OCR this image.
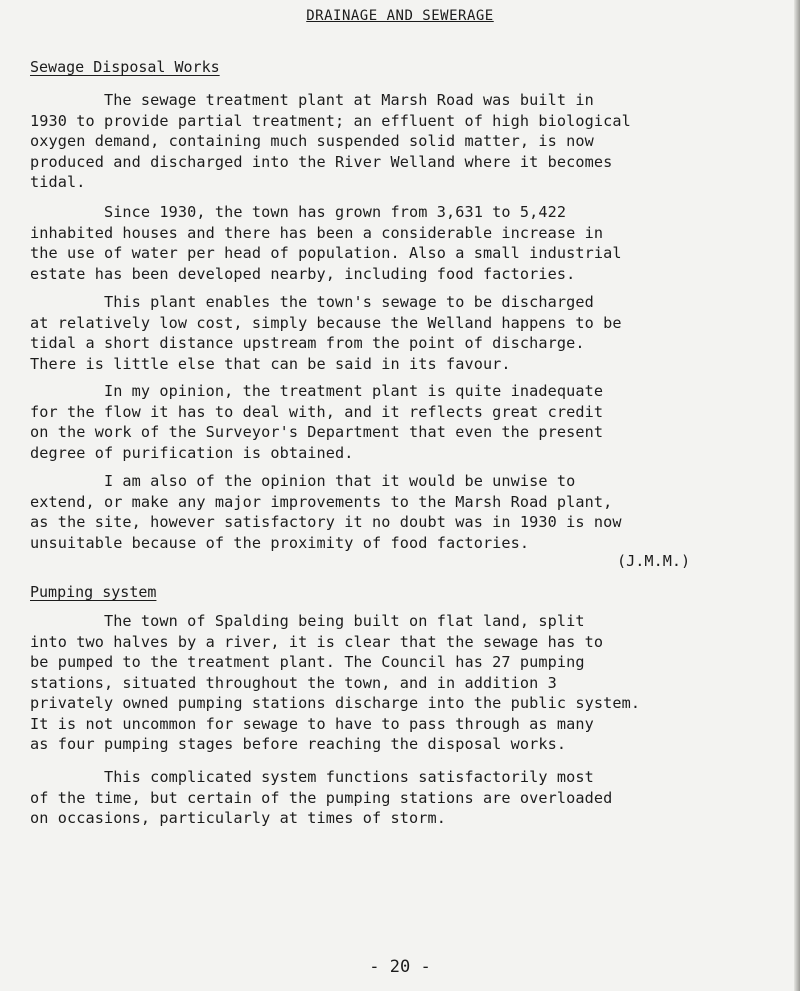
DRAINAGE AND SEWERAGE
Sewage Disposal Works

The sewage treatment plant at Marsh Road was built in
1930 to provide partial treatment; an effluent of high biological
oxygen demand, containing much suspended solid matter, is now
produced and discharged into the River Welland where it becomes
tidal.

Since 1930, the town has grown from 3,631 to 5,422
inhabited houses and there has been a considerable increase in
the use of water per head of population. Also a small industrial
estate has been developed nearby, including food factories.

This plant enables the town's sewage to be discharged
at relatively low cost, simply because the Welland happens to be
tidal a short distance upstream from the point of discharge.
There is little else that can be said in its favour.

In my opinion, the treatment plant is quite inadequate
for the flow it has to deal with, and it reflects great credit
on the work of the Surveyor's Department that even the present
degree of purification is obtained.

I am also of the opinion that it would be unwise to
extend, or make any major improvements to the Marsh Road plant,
as the site, however satisfactory it no doubt was in 1930 is now
unsuitable because of the proximity of food factories.

(J.M.M.)
Pumping system

The town of Spalding being built on flat land, split
into two halves by a river, it is clear that the sewage has to
be pumped to the treatment plant. The Council has 27 pumping
stations, situated throughout the town, and in addition 3
privately owned pumping stations discharge into the public system.
It is not uncommon for sewage to have to pass through as many
as four pumping stages before reaching the disposal works.

This complicated system functions satisfactorily most
of the time, but certain of the pumping stations are overloaded
on occasions, particularly at times of storm.

- 20 -
